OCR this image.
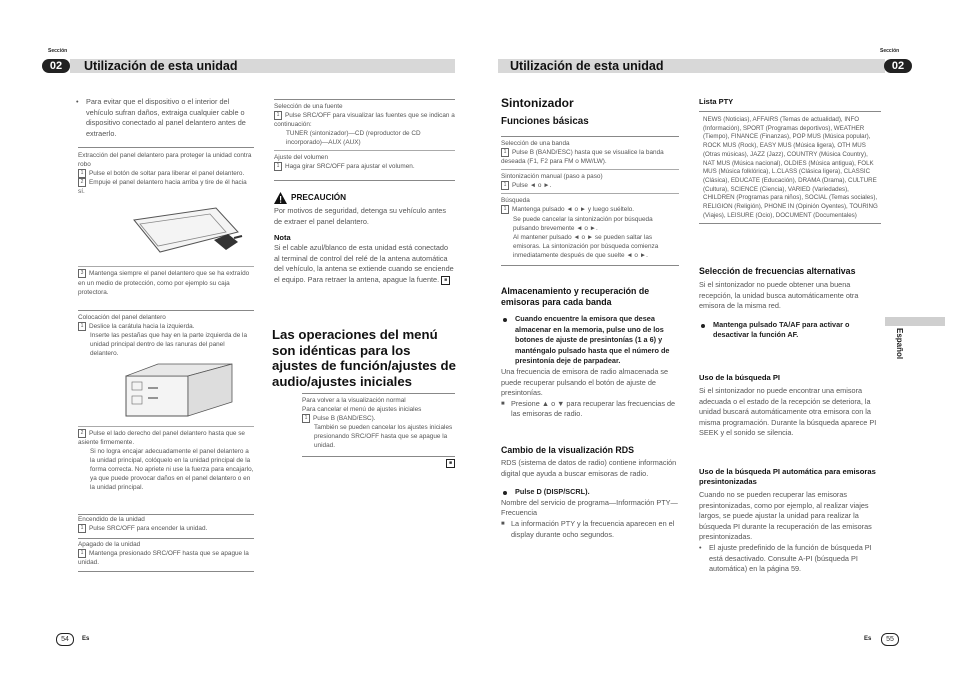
Sección
02	Utilización de esta unidad
Sección
02
Utilización de esta unidad
•	Para evitar que el dispositivo o el interior del vehículo sufran daños, extraiga cualquier cable o dispositivo conectado al panel delantero antes de extraerlo.
Extracción del panel delantero para proteger la unidad contra robo
1 Pulse el botón de soltar para liberar el panel delantero.
2 Empuje el panel delantero hacia arriba y tire de él hacia sí.
3 Mantenga siempre el panel delantero que se ha extraído en un medio de protección, como por ejemplo su caja protectora.
Colocación del panel delantero
1 Deslice la carátula hacia la izquierda.
Inserte las pestañas que hay en la parte izquierda de la unidad principal dentro de las ranuras del panel delantero.
2 Pulse el lado derecho del panel delantero hasta que se asiente firmemente.
Si no logra encajar adecuadamente el panel delantero a la unidad principal, colóquelo en la unidad principal de la forma correcta. No apriete ni use la fuerza para encajarlo, ya que puede provocar daños en el panel delantero o en la unidad principal.
Encendido de la unidad
1 Pulse SRC/OFF para encender la unidad.
Apagado de la unidad
1 Mantenga presionado SRC/OFF hasta que se apague la unidad.
Selección de una fuente
1 Pulse SRC/OFF para visualizar las fuentes que se indican a continuación:
TUNER (sintonizador)—CD (reproductor de CD incorporado)—AUX (AUX)
Ajuste del volumen
1 Haga girar SRC/OFF para ajustar el volumen.
PRECAUCIÓN
Por motivos de seguridad, detenga su vehículo antes de extraer el panel delantero.
Nota
Si el cable azul/blanco de esta unidad está conectado al terminal de control del relé de la antena automática del vehículo, la antena se extiende cuando se enciende el equipo. Para retraer la antena, apague la fuente. ■
Las operaciones del menú son idénticas para los ajustes de función/ajustes de audio/ajustes iniciales
Para volver a la visualización normal
Para cancelar el menú de ajustes iniciales
1 Pulse B (BAND/ESC).
También se pueden cancelar los ajustes iniciales presionando SRC/OFF hasta que se apague la unidad.
■
Sintonizador
Funciones básicas
Selección de una banda
1 Pulse B (BAND/ESC) hasta que se visualice la banda deseada (F1, F2 para FM o MW/LW).
Sintonización manual (paso a paso)
1 Pulse ◄ o ►.
Búsqueda
1 Mantenga pulsado ◄ o ► y luego suéltelo.
Se puede cancelar la sintonización por búsqueda pulsando brevemente ◄ o ►.
Al mantener pulsado ◄ o ► se pueden saltar las emisoras. La sintonización por búsqueda comienza inmediatamente después de que suelte ◄ o ►.
Almacenamiento y recuperación de emisoras para cada banda
Cuando encuentre la emisora que desea almacenar en la memoria, pulse uno de los botones de ajuste de presintonías (1 a 6) y manténgalo pulsado hasta que el número de presintonía deje de parpadear.
Una frecuencia de emisora de radio almacenada se puede recuperar pulsando el botón de ajuste de presintonías.
■ Presione ▲ o ▼ para recuperar las frecuencias de las emisoras de radio.
Cambio de la visualización RDS
RDS (sistema de datos de radio) contiene información digital que ayuda a buscar emisoras de radio.
Pulse D (DISP/SCRL).
Nombre del servicio de programa—Información PTY—Frecuencia
■ La información PTY y la frecuencia aparecen en el display durante ocho segundos.
Lista PTY
NEWS (Noticias), AFFAIRS (Temas de actualidad), INFO (Información), SPORT (Programas deportivos), WEATHER (Tiempo), FINANCE (Finanzas), POP MUS (Música popular), ROCK MUS (Rock), EASY MUS (Música ligera), OTH MUS (Otras músicas), JAZZ (Jazz), COUNTRY (Música Country), NAT MUS (Música nacional), OLDIES (Música antigua), FOLK MUS (Música folklórica), L.CLASS (Clásica ligera), CLASSIC (Clásica), EDUCATE (Educación), DRAMA (Drama), CULTURE (Cultura), SCIENCE (Ciencia), VARIED (Variedades), CHILDREN (Programas para niños), SOCIAL (Temas sociales), RELIGION (Religión), PHONE IN (Opinión Oyentes), TOURING (Viajes), LEISURE (Ocio), DOCUMENT (Documentales)
Selección de frecuencias alternativas
Si el sintonizador no puede obtener una buena recepción, la unidad busca automáticamente otra emisora de la misma red.
Mantenga pulsado TA/AF para activar o desactivar la función AF.
Uso de la búsqueda PI
Si el sintonizador no puede encontrar una emisora adecuada o el estado de la recepción se deteriora, la unidad buscará automáticamente otra emisora con la misma programación. Durante la búsqueda aparece PI SEEK y el sonido se silencia.
Uso de la búsqueda PI automática para emisoras presintonizadas
Cuando no se pueden recuperar las emisoras presintonizadas, como por ejemplo, al realizar viajes largos, se puede ajustar la unidad para realizar la búsqueda PI durante la recuperación de las emisoras presintonizadas.
• El ajuste predefinido de la función de búsqueda PI está desactivado. Consulte A-PI (búsqueda PI automática) en la página 59.
Español
54	Es	Es	55
